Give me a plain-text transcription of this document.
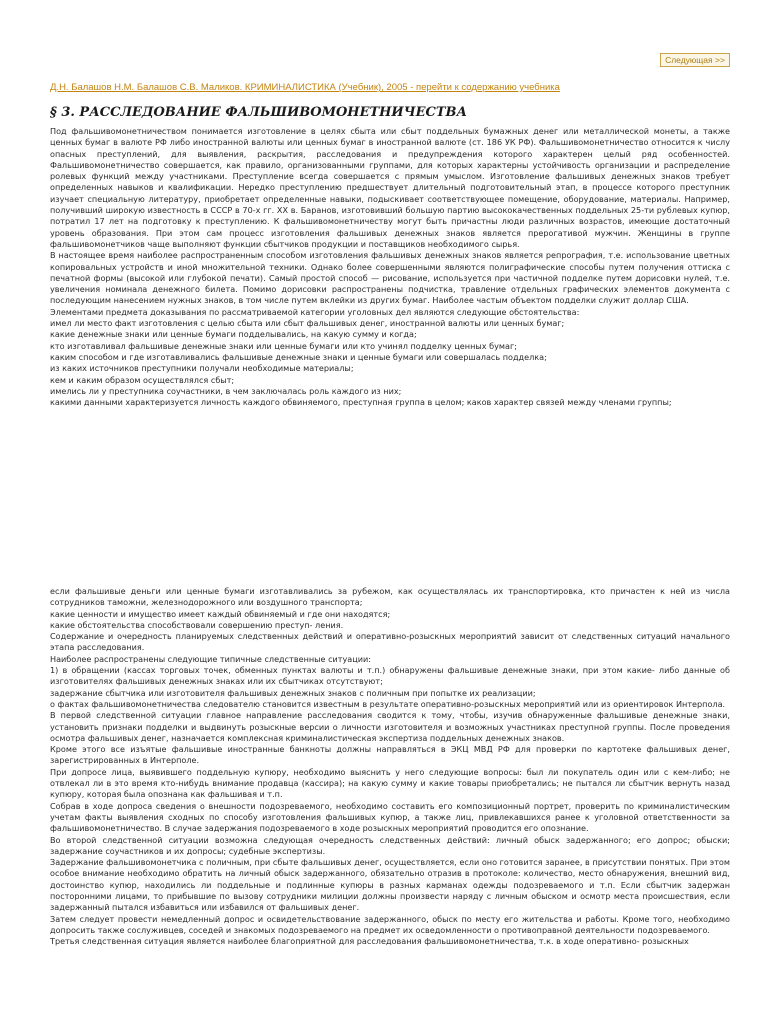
Следующая >>
Д.Н. Балашов Н.М. Балашов С.В. Маликов. КРИМИНАЛИСТИКА (Учебник), 2005 - перейти к содержанию учебника
§ 3. РАССЛЕДОВАНИЕ ФАЛЬШИВОМОНЕТНИЧЕСТВА

Под фальшивомонетничеством понимается изготовление в целях сбыта или сбыт поддельных бумажных денег или металлической монеты, а также ценных бумаг в валюте РФ либо иностранной валюты или ценных бумаг в иностранной валюте (ст. 186 УК РФ). Фальшивомонетничество относится к числу опасных преступлений, для выявления, раскрытия, расследования и предупреждения которого характерен целый ряд особенностей. Фальшивомонетничество совершается, как правило, организованными группами, для которых характерны устойчивость организации и распределение ролевых функций между участниками. Преступление всегда совершается с прямым умыслом. Изготовление фальшивых денежных знаков требует определенных навыков и квалификации. Нередко преступлению предшествует длительный подготовительный этап, в процессе которого преступник изучает специальную литературу, приобретает определенные навыки, подыскивает соответствующее помещение, оборудование, материалы. Например, получивший широкую известность в СССР в 70-х гг. XX в. Баранов, изготовивший большую партию высококачественных поддельных 25-ти рублевых купюр, потратил 17 лет на подготовку к преступлению. К фальшивомонетничеству могут быть причастны люди различных возрастов, имеющие достаточный уровень образования. При этом сам процесс изготовления фальшивых денежных знаков является прерогативой мужчин. Женщины в группе фальшивомонетчиков чаще выполняют функции сбытчиков продукции и поставщиков необходимого сырья.

В настоящее время наиболее распространенным способом изготовления фальшивых денежных знаков является репрография, т.е. использование цветных копировальных устройств и иной множительной техники. Однако более совершенными являются полиграфические способы путем получения оттиска с печатной формы (высокой или глубокой печати). Самый простой способ — рисование, используется при частичной подделке путем дорисовки нулей, т.е. увеличения номинала денежного билета. Помимо дорисовки распространены подчистка, травление отдельных графических элементов документа с последующим нанесением нужных знаков, в том числе путем вклейки из других бумаг. Наиболее частым объектом подделки служит доллар США.

Элементами предмета доказывания по рассматриваемой категории уголовных дел являются следующие обстоятельства:

имел ли место факт изготовления с целью сбыта или сбыт фальшивых денег, иностранной валюты или ценных бумаг;

какие денежные знаки или ценные бумаги подделывались, на какую сумму и когда;

кто изготавливал фальшивые денежные знаки или ценные бумаги или кто учинял подделку ценных бумаг;

каким способом и где изготавливались фальшивые денежные знаки и ценные бумаги или совершалась подделка;

из каких источников преступники получали необходимые материалы;

кем и каким образом осуществлялся сбыт;

имелись ли у преступника соучастники, в чем заключалась роль каждого из них;

какими данными характеризуется личность каждого обвиняемого, преступная группа в целом; каков характер связей между членами группы;

если фальшивые деньги или ценные бумаги изготавливались за рубежом, как осуществлялась их транспортировка, кто причастен к ней из числа сотрудников таможни, железнодорожного или воздушного транспорта;

какие ценности и имущество имеет каждый обвиняемый и где они находятся;

какие обстоятельства способствовали совершению преступ- ления.

Содержание и очередность планируемых следственных действий и оперативно-розыскных мероприятий зависит от следственных ситуаций начального этапа расследования.

Наиболее распространены следующие типичные следственные ситуации:

1) в обращении (кассах торговых точек, обменных пунктах валюты и т.п.) обнаружены фальшивые денежные знаки, при этом какие- либо данные об изготовителях фальшивых денежных знаках или их сбытчиках отсутствуют;

задержание сбытчика или изготовителя фальшивых денежных знаков с поличным при попытке их реализации;

о фактах фальшивомонетничества следователю становится известным в результате оперативно-розыскных мероприятий или из ориентировок Интерпола.

В первой следственной ситуации главное направление расследования сводится к тому, чтобы, изучив обнаруженные фальшивые денежные знаки, установить признаки подделки и выдвинуть розыскные версии о личности изготовителя и возможных участниках преступной группы. После проведения осмотра фальшивых денег, назначается комплексная криминалистическая экспертиза поддельных денежных знаков.

Кроме этого все изъятые фальшивые иностранные банкноты должны направляться в ЭКЦ МВД РФ для проверки по картотеке фальшивых денег, зарегистрированных в Интерполе.

При допросе лица, выявившего поддельную купюру, необходимо выяснить у него следующие вопросы: был ли покупатель один или с кем-либо; не отвлекал ли в это время кто-нибудь внимание продавца (кассира); на какую сумму и какие товары приобретались; не пытался ли сбытчик вернуть назад купюру, которая была опознана как фальшивая и т.п.

Собрав в ходе допроса сведения о внешности подозреваемого, необходимо составить его композиционный портрет, проверить по криминалистическим учетам факты выявления сходных по способу изготовления фальшивых купюр, а также лиц, привлекавшихся ранее к уголовной ответственности за фальшивомонетничество. В случае задержания подозреваемого в ходе розыскных мероприятий проводится его опознание.

Во второй следственной ситуации возможна следующая очередность следственных действий: личный обыск задержанного; его допрос; обыски; задержание соучастников и их допросы; судебные экспертизы.

Задержание фальшивомонетчика с поличным, при сбыте фальшивых денег, осуществляется, если оно готовится заранее, в присутствии понятых. При этом особое внимание необходимо обратить на личный обыск задержанного, обязательно отразив в протоколе: количество, место обнаружения, внешний вид, достоинство купюр, находились ли поддельные и подлинные купюры в разных карманах одежды подозреваемого и т.п. Если сбытчик задержан посторонними лицами, то прибывшие по вызову сотрудники милиции должны произвести наряду с личным обыском и осмотр места происшествия, если задержанный пытался избавиться или избавился от фальшивых денег.

Затем следует провести немедленный допрос и освидетельствование задержанного, обыск по месту его жительства и работы. Кроме того, необходимо допросить также сослуживцев, соседей и знакомых подозреваемого на предмет их осведомленности о противоправной деятельности подозреваемого.

Третья следственная ситуация является наиболее благоприятной для расследования фальшивомонетничества, т.к. в ходе оперативно- розыскных
